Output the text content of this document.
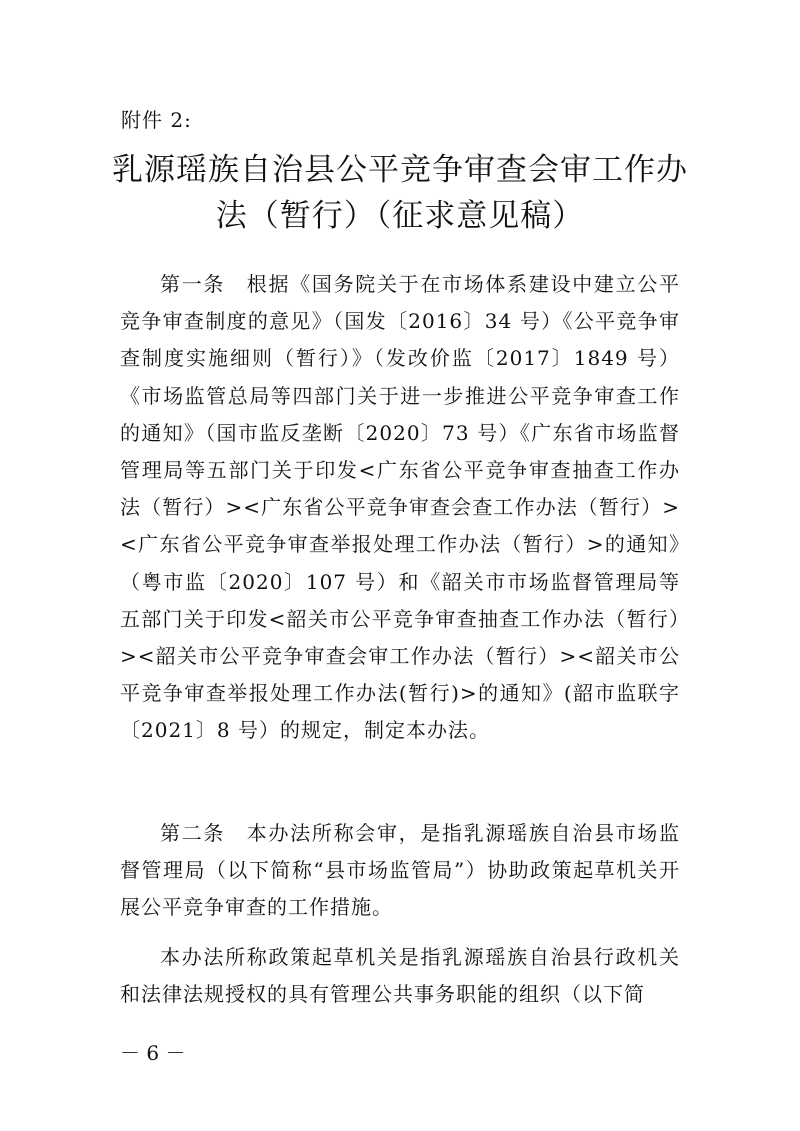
附件 2:
乳源瑶族自治县公平竞争审查会审工作办
法（暂行）（征求意见稿）

第一条　根据《国务院关于在市场体系建设中建立公平竞争审查制度的意见》（国发〔2016〕34 号）《公平竞争审查制度实施细则（暂行）》（发改价监〔2017〕1849 号）《市场监管总局等四部门关于进一步推进公平竞争审查工作的通知》（国市监反垄断〔2020〕73 号）《广东省市场监督管理局等五部门关于印发<广东省公平竞争审查抽查工作办法（暂行）><广东省公平竞争审查会查工作办法（暂行）><广东省公平竞争审查举报处理工作办法（暂行）>的通知》（粤市监〔2020〕107 号）和《韶关市市场监督管理局等五部门关于印发<韶关市公平竞争审查抽查工作办法（暂行）><韶关市公平竞争审查会审工作办法（暂行）><韶关市公平竞争审查举报处理工作办法(暂行)>的通知》(韶市监联字〔2021〕8 号）的规定，制定本办法。

第二条　本办法所称会审，是指乳源瑶族自治县市场监督管理局（以下简称“县市场监管局”）协助政策起草机关开展公平竞争审查的工作措施。

本办法所称政策起草机关是指乳源瑶族自治县行政机关和法律法规授权的具有管理公共事务职能的组织（以下简

－ 6 －
